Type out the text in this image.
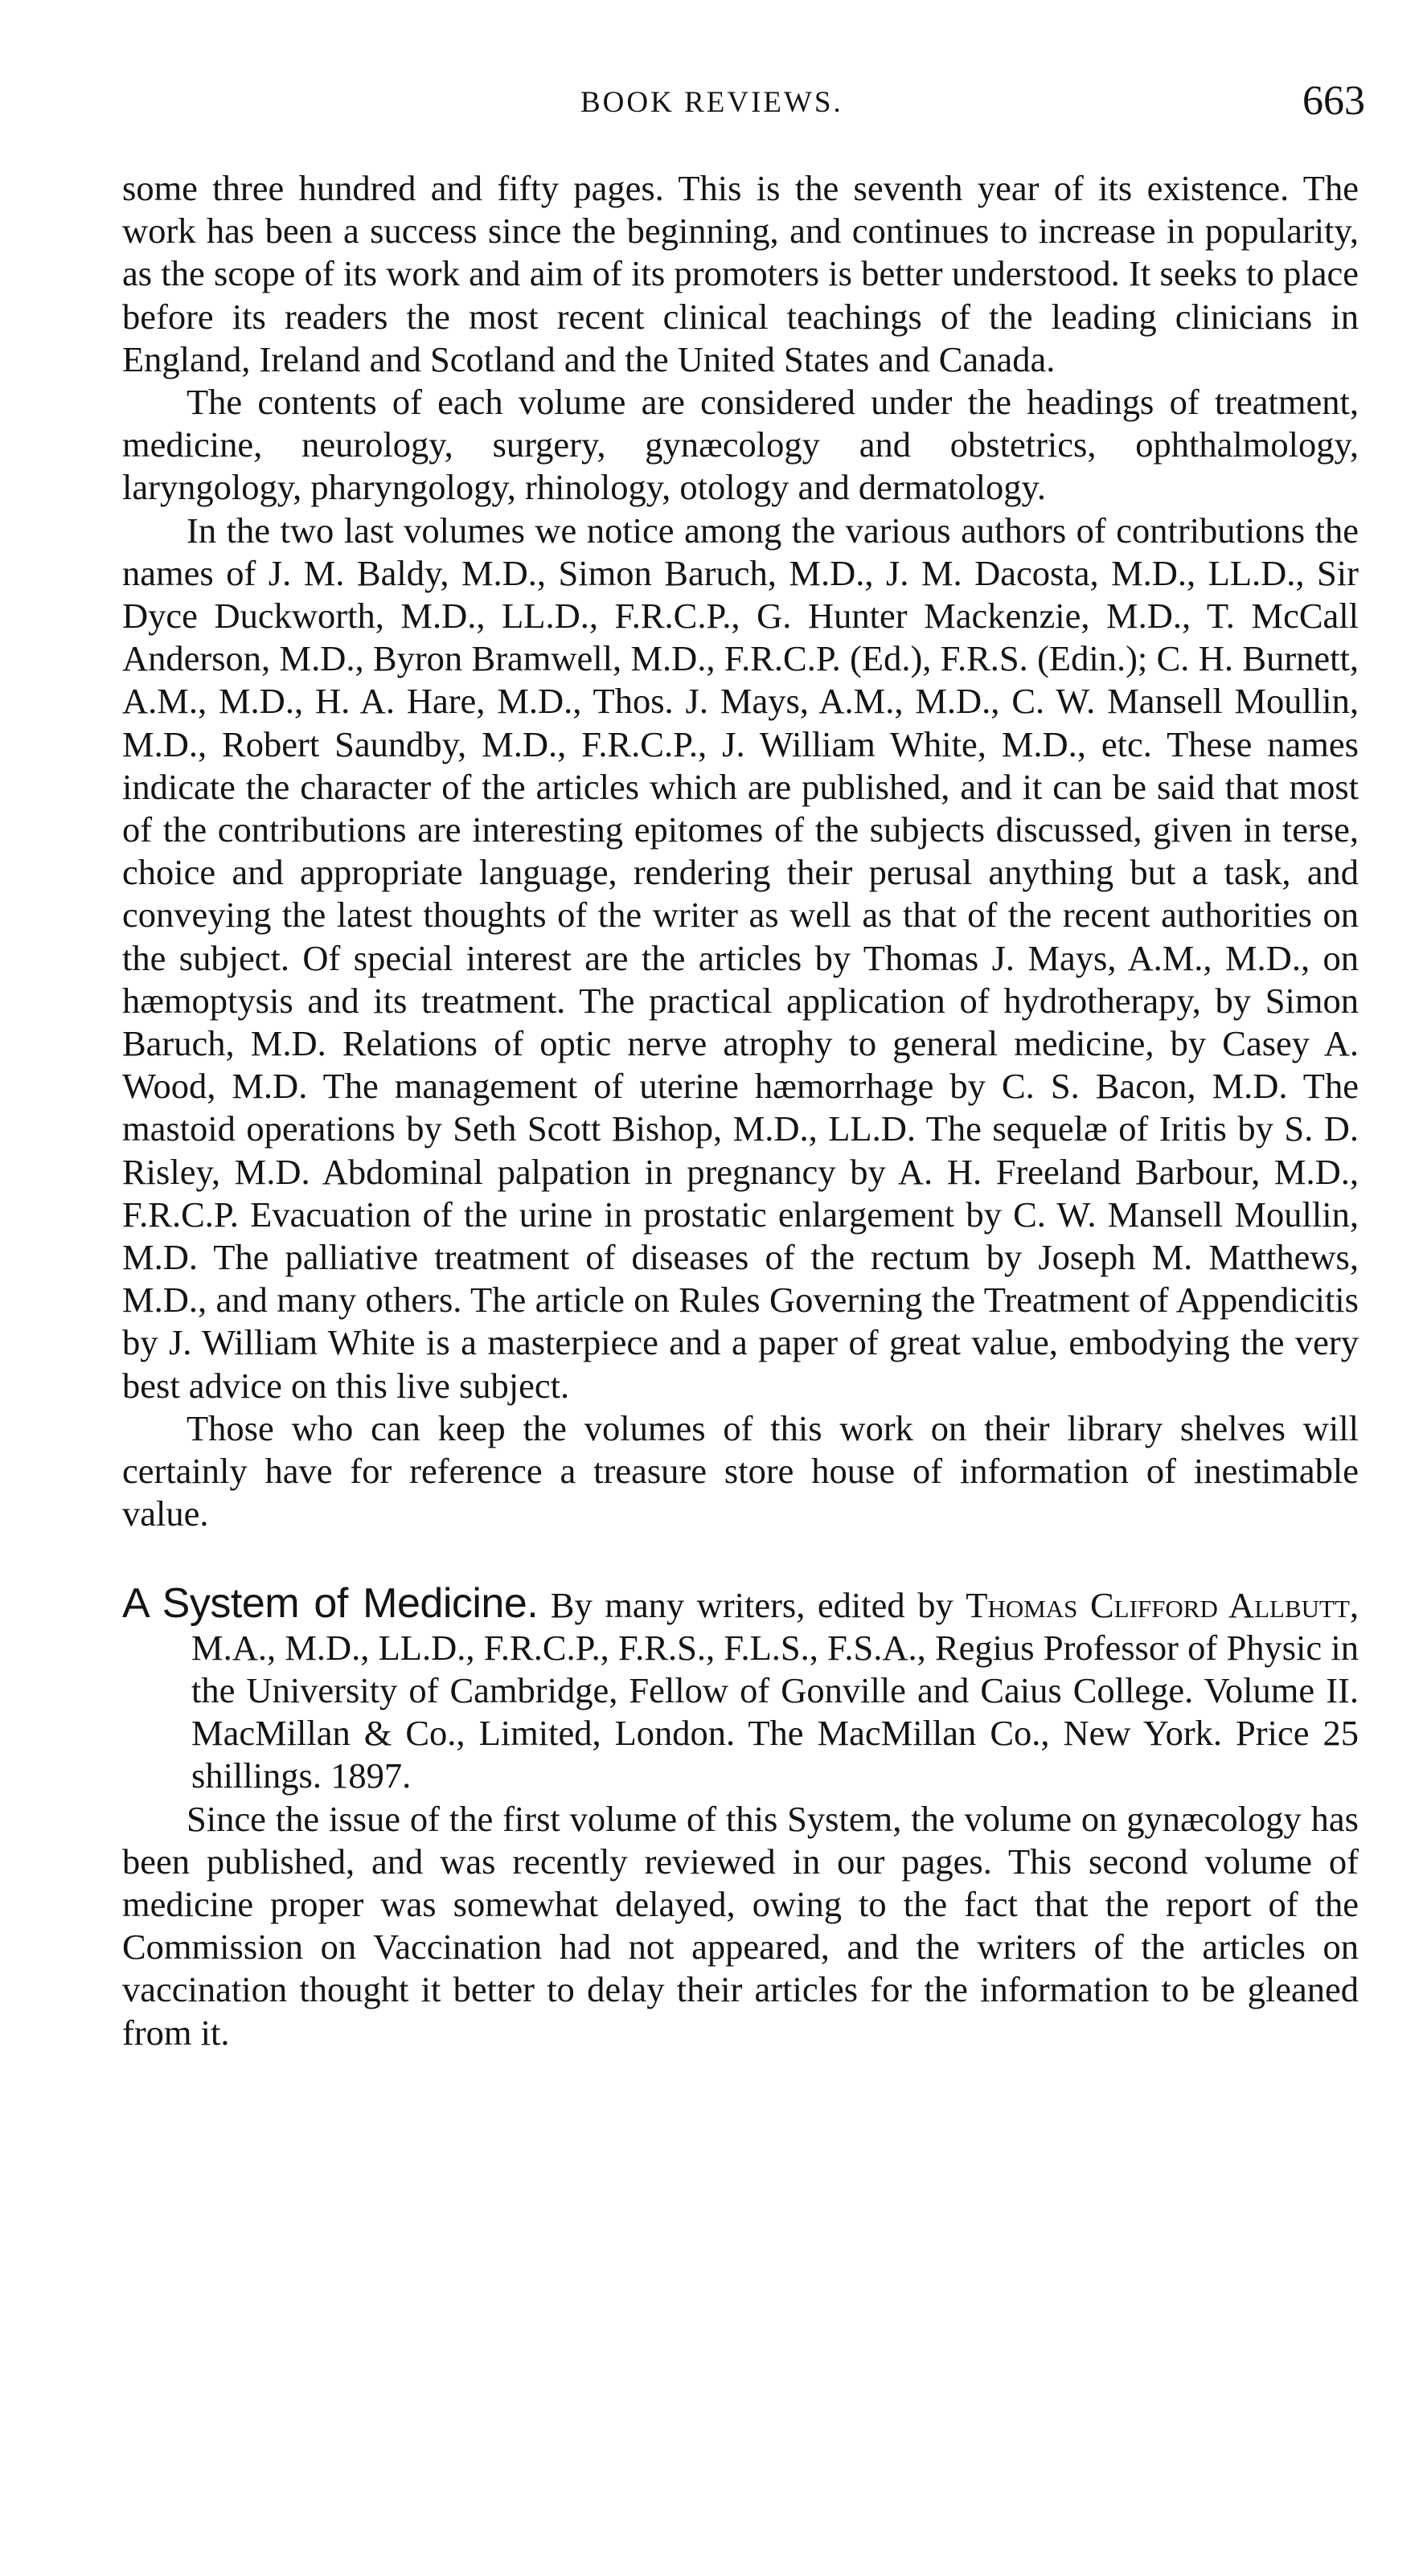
BOOK REVIEWS.	663

some three hundred and fifty pages. This is the seventh year of its existence. The work has been a success since the beginning, and continues to increase in popularity, as the scope of its work and aim of its promoters is better understood. It seeks to place before its readers the most recent clinical teachings of the leading clinicians in England, Ireland and Scotland and the United States and Canada.

The contents of each volume are considered under the headings of treatment, medicine, neurology, surgery, gynæcology and obstetrics, ophthalmology, laryngology, pharyngology, rhinology, otology and dermatology.

In the two last volumes we notice among the various authors of contributions the names of J. M. Baldy, M.D., Simon Baruch, M.D., J. M. Dacosta, M.D., LL.D., Sir Dyce Duckworth, M.D., LL.D., F.R.C.P., G. Hunter Mackenzie, M.D., T. McCall Anderson, M.D., Byron Bramwell, M.D., F.R.C.P. (Ed.), F.R.S. (Edin.); C. H. Burnett, A.M., M.D., H. A. Hare, M.D., Thos. J. Mays, A.M., M.D., C. W. Mansell Moullin, M.D., Robert Saundby, M.D., F.R.C.P., J. William White, M.D., etc. These names indicate the character of the articles which are published, and it can be said that most of the contributions are interesting epitomes of the subjects discussed, given in terse, choice and appropriate language, rendering their perusal anything but a task, and conveying the latest thoughts of the writer as well as that of the recent authorities on the subject. Of special interest are the articles by Thomas J. Mays, A.M., M.D., on hæmoptysis and its treatment. The practical application of hydrotherapy, by Simon Baruch, M.D. Relations of optic nerve atrophy to general medicine, by Casey A. Wood, M.D. The management of uterine hæmorrhage by C. S. Bacon, M.D. The mastoid operations by Seth Scott Bishop, M.D., LL.D. The sequelæ of Iritis by S. D. Risley, M.D. Abdominal palpation in pregnancy by A. H. Freeland Barbour, M.D., F.R.C.P. Evacuation of the urine in prostatic enlargement by C. W. Mansell Moullin, M.D. The palliative treatment of diseases of the rectum by Joseph M. Matthews, M.D., and many others. The article on Rules Governing the Treatment of Appendicitis by J. William White is a masterpiece and a paper of great value, embodying the very best advice on this live subject.

Those who can keep the volumes of this work on their library shelves will certainly have for reference a treasure store house of information of inestimable value.

A System of Medicine. By many writers, edited by Thomas Clifford Allbutt, M.A., M.D., LL.D., F.R.C.P., F.R.S., F.L.S., F.S.A., Regius Professor of Physic in the University of Cambridge, Fellow of Gonville and Caius College. Volume II. MacMillan & Co., Limited, London. The MacMillan Co., New York. Price 25 shillings. 1897.

Since the issue of the first volume of this System, the volume on gynæcology has been published, and was recently reviewed in our pages. This second volume of medicine proper was somewhat delayed, owing to the fact that the report of the Commission on Vaccination had not appeared, and the writers of the articles on vaccination thought it better to delay their articles for the information to be gleaned from it.
